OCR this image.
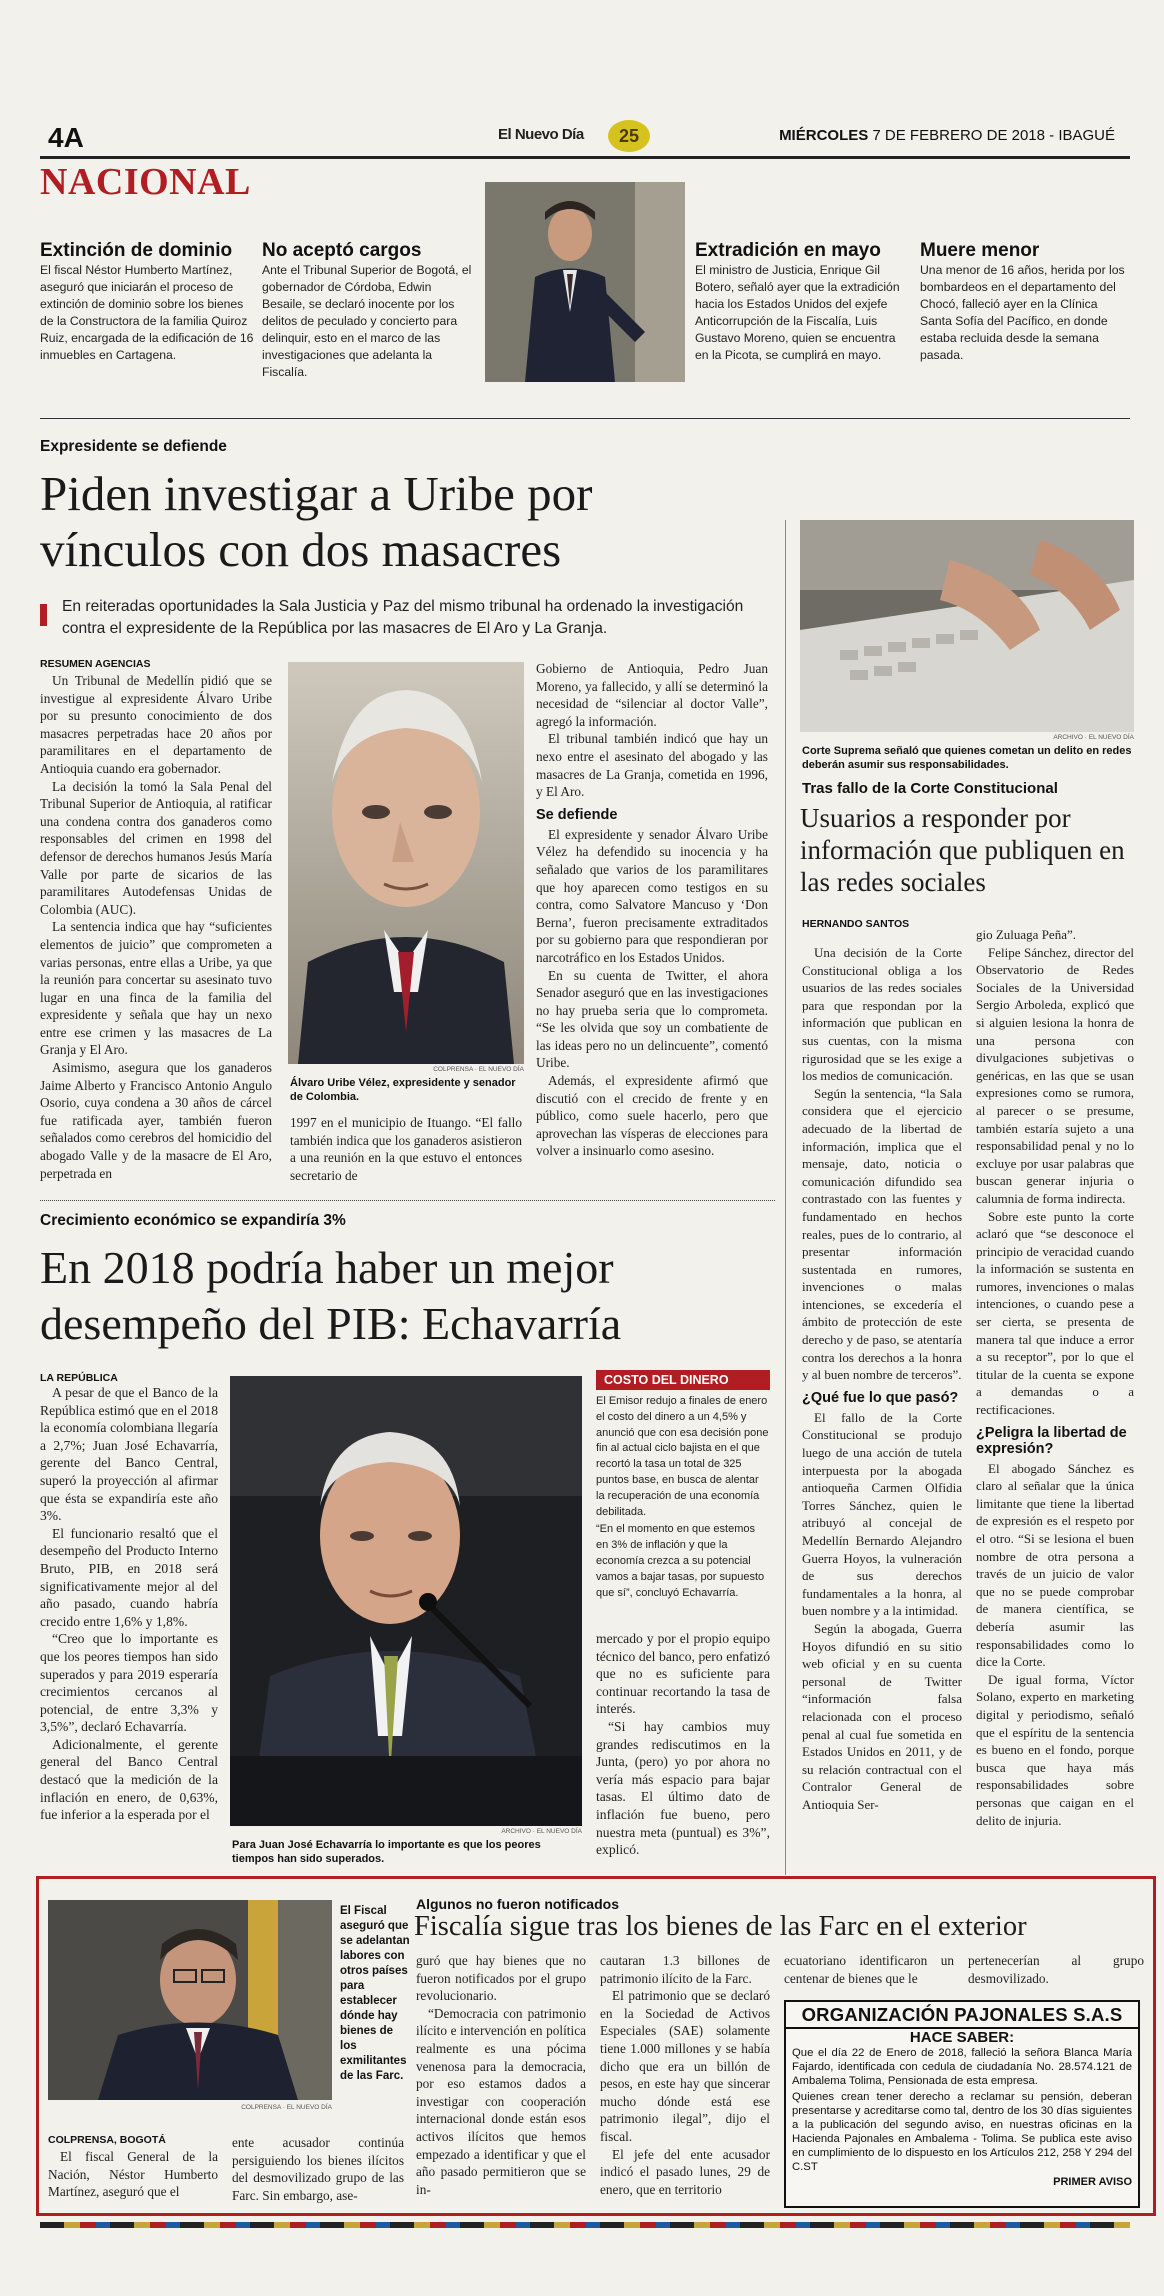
4A	El Nuevo Día	25	MIÉRCOLES 7 DE FEBRERO DE 2018 - IBAGUÉ
NACIONAL
Extinción de dominio
El fiscal Néstor Humberto Martínez, aseguró que iniciarán el proceso de extinción de dominio sobre los bienes de la Constructora de la familia Quiroz Ruiz, encargada de la edificación de 16 inmuebles en Cartagena.
No aceptó cargos
Ante el Tribunal Superior de Bogotá, el gobernador de Córdoba, Edwin Besaile, se declaró inocente por los delitos de peculado y concierto para delinquir, esto en el marco de las investigaciones que adelanta la Fiscalía.
Extradición en mayo
El ministro de Justicia, Enrique Gil Botero, señaló ayer que la extradición hacia los Estados Unidos del exjefe Anticorrupción de la Fiscalía, Luis Gustavo Moreno, quien se encuentra en la Picota, se cumplirá en mayo.
Muere menor
Una menor de 16 años, herida por los bombardeos en el departamento del Chocó, falleció ayer en la Clínica Santa Sofía del Pacífico, en donde estaba recluida desde la semana pasada.
Expresidente se defiende
Piden investigar a Uribe por
vínculos con dos masacres
En reiteradas oportunidades la Sala Justicia y Paz del mismo tribunal ha ordenado la investigación contra el expresidente de la República por las masacres de El Aro y La Granja.
RESUMEN AGENCIAS

Un Tribunal de Medellín pidió que se investigue al expresidente Álvaro Uribe por su presunto conocimiento de dos masacres perpetradas hace 20 años por paramilitares en el departamento de Antioquia cuando era gobernador.

La decisión la tomó la Sala Penal del Tribunal Superior de Antioquia, al ratificar una condena contra dos ganaderos como responsables del crimen en 1998 del defensor de derechos humanos Jesús María Valle por parte de sicarios de las paramilitares Autodefensas Unidas de Colombia (AUC).

La sentencia indica que hay “suficientes elementos de juicio” que comprometen a varias personas, entre ellas a Uribe, ya que la reunión para concertar su asesinato tuvo lugar en una finca de la familia del expresidente y señala que hay un nexo entre ese crimen y las masacres de La Granja y El Aro.

Asimismo, asegura que los ganaderos Jaime Alberto y Francisco Antonio Angulo Osorio, cuya condena a 30 años de cárcel fue ratificada ayer, también fueron señalados como cerebros del homicidio del abogado Valle y de la masacre de El Aro, perpetrada en

COLPRENSA · EL NUEVO DÍA
Álvaro Uribe Vélez, expresidente y senador de Colombia.
1997 en el municipio de Ituango. “El fallo también indica que los ganaderos asistieron a una reunión en la que estuvo el entonces secretario de

Gobierno de Antioquia, Pedro Juan Moreno, ya fallecido, y allí se determinó la necesidad de “silenciar al doctor Valle”, agregó la información.

El tribunal también indicó que hay un nexo entre el asesinato del abogado y las masacres de La Granja, cometida en 1996, y El Aro.

Se defiende

El expresidente y senador Álvaro Uribe Vélez ha defendido su inocencia y ha señalado que varios de los paramilitares que hoy aparecen como testigos en su contra, como Salvatore Mancuso y ‘Don Berna’, fueron precisamente extraditados por su gobierno para que respondieran por narcotráfico en los Estados Unidos.

En su cuenta de Twitter, el ahora Senador aseguró que en las investigaciones no hay prueba seria que lo comprometa. “Se les olvida que soy un combatiente de las ideas pero no un delincuente”, comentó Uribe.

Además, el expresidente afirmó que discutió con el crecido de frente y en público, como suele hacerlo, pero que aprovechan las vísperas de elecciones para volver a insinuarlo como asesino.

ARCHIVO · EL NUEVO DÍA
Corte Suprema señaló que quienes cometan un delito en redes deberán asumir sus responsabilidades.
Tras fallo de la Corte Constitucional
Usuarios a responder por información que publiquen en las redes sociales
HERNANDO SANTOS

Una decisión de la Corte Constitucional obliga a los usuarios de las redes sociales para que respondan por la información que publican en sus cuentas, con la misma rigurosidad que se les exige a los medios de comunicación.

Según la sentencia, “la Sala considera que el ejercicio adecuado de la libertad de información, implica que el mensaje, dato, noticia o comunicación difundido sea contrastado con las fuentes y fundamentado en hechos reales, pues de lo contrario, al presentar información sustentada en rumores, invenciones o malas intenciones, se excedería el ámbito de protección de este derecho y de paso, se atentaría contra los derechos a la honra y al buen nombre de terceros”.

¿Qué fue lo que pasó?

El fallo de la Corte Constitucional se produjo luego de una acción de tutela interpuesta por la abogada antioqueña Carmen Olfidia Torres Sánchez, quien le atribuyó al concejal de Medellín Bernardo Alejandro Guerra Hoyos, la vulneración de sus derechos fundamentales a la honra, al buen nombre y a la intimidad.

Según la abogada, Guerra Hoyos difundió en su sitio web oficial y en su cuenta personal de Twitter “información falsa relacionada con el proceso penal al cual fue sometida en Estados Unidos en 2011, y de su relación contractual con el Contralor General de Antioquia Ser-

gio Zuluaga Peña”.

Felipe Sánchez, director del Observatorio de Redes Sociales de la Universidad Sergio Arboleda, explicó que si alguien lesiona la honra de una persona con divulgaciones subjetivas o genéricas, en las que se usan expresiones como se rumora, al parecer o se presume, también estaría sujeto a una responsabilidad penal y no lo excluye por usar palabras que buscan generar injuria o calumnia de forma indirecta.

Sobre este punto la corte aclaró que “se desconoce el principio de veracidad cuando la información se sustenta en rumores, invenciones o malas intenciones, o cuando pese a ser cierta, se presenta de manera tal que induce a error a su receptor”, por lo que el titular de la cuenta se expone a demandas o a rectificaciones.

¿Peligra la libertad de expresión?

El abogado Sánchez es claro al señalar que la única limitante que tiene la libertad de expresión es el respeto por el otro. “Si se lesiona el buen nombre de otra persona a través de un juicio de valor que no se puede comprobar de manera científica, se debería asumir las responsabilidades como lo dice la Corte.

De igual forma, Víctor Solano, experto en marketing digital y periodismo, señaló que el espíritu de la sentencia es bueno en el fondo, porque busca que haya más responsabilidades sobre personas que caigan en el delito de injuria.

Crecimiento económico se expandiría 3%
En 2018 podría haber un mejor
desempeño del PIB: Echavarría
LA REPÚBLICA

A pesar de que el Banco de la República estimó que en el 2018 la economía colombiana llegaría a 2,7%; Juan José Echavarría, gerente del Banco Central, superó la proyección al afirmar que ésta se expandiría este año 3%.

El funcionario resaltó que el desempeño del Producto Interno Bruto, PIB, en 2018 será significativamente mejor al del año pasado, cuando habría crecido entre 1,6% y 1,8%.

“Creo que lo importante es que los peores tiempos han sido superados y para 2019 esperaría crecimientos cercanos al potencial, de entre 3,3% y 3,5%”, declaró Echavarría.

Adicionalmente, el gerente general del Banco Central destacó que la medición de la inflación en enero, de 0,63%, fue inferior a la esperada por el

ARCHIVO · EL NUEVO DÍA
Para Juan José Echavarría lo importante es que los peores tiempos han sido superados.
COSTO DEL DINERO
El Emisor redujo a finales de enero el costo del dinero a un 4,5% y anunció que con esa decisión pone fin al actual ciclo bajista en el que recortó la tasa un total de 325 puntos base, en busca de alentar la recuperación de una economía debilitada.
“En el momento en que estemos en 3% de inflación y que la economía crezca a su potencial vamos a bajar tasas, por supuesto que sí”, concluyó Echavarría.

mercado y por el propio equipo técnico del banco, pero enfatizó que no es suficiente para continuar recortando la tasa de interés.

“Si hay cambios muy grandes rediscutimos en la Junta, (pero) yo por ahora no vería más espacio para bajar tasas. El último dato de inflación fue bueno, pero nuestra meta (puntual) es 3%”, explicó.

COLPRENSA · EL NUEVO DÍA
El Fiscal aseguró que se adelantan labores con otros países para establecer dónde hay bienes de los exmilitantes de las Farc.
COLPRENSA, BOGOTÁ
El fiscal General de la Nación, Néstor Humberto Martínez, aseguró que el
Algunos no fueron notificados
Fiscalía sigue tras los bienes de las Farc en el exterior

ente acusador continúa persiguiendo los bienes ilícitos del desmovilizado grupo de las Farc. Sin embargo, ase-

guró que hay bienes que no fueron notificados por el grupo revolucionario.

“Democracia con patrimonio ilícito e intervención en política realmente es una pócima venenosa para la democracia, por eso estamos dados a investigar con cooperación internacional donde están esos activos ilícitos que hemos empezado a identificar y que el año pasado permitieron que se in-

cautaran 1.3 billones de patrimonio ilícito de la Farc.

El patrimonio que se declaró en la Sociedad de Activos Especiales (SAE) solamente tiene 1.000 millones y se había dicho que era un billón de pesos, en este hay que sincerar mucho dónde está ese patrimonio ilegal”, dijo el fiscal.

El jefe del ente acusador indicó el pasado lunes, 29 de enero, que en territorio

ecuatoriano identificaron un centenar de bienes que le
pertenecerían al grupo desmovilizado.
ORGANIZACIÓN PAJONALES S.A.S
HACE SABER:
Que el día 22 de Enero de 2018, falleció la señora Blanca María Fajardo, identificada con cedula de ciudadanía No. 28.574.121 de Ambalema Tolima, Pensionada de esta empresa.
Quienes crean tener derecho a reclamar su pensión, deberan presentarse y acreditarse como tal, dentro de los 30 días siguientes a la publicación del segundo aviso, en nuestras oficinas en la Hacienda Pajonales en Ambalema - Tolima. Se publica este aviso en cumplimiento de lo dispuesto en los Artículos 212, 258 Y 294 del C.ST
PRIMER AVISO
